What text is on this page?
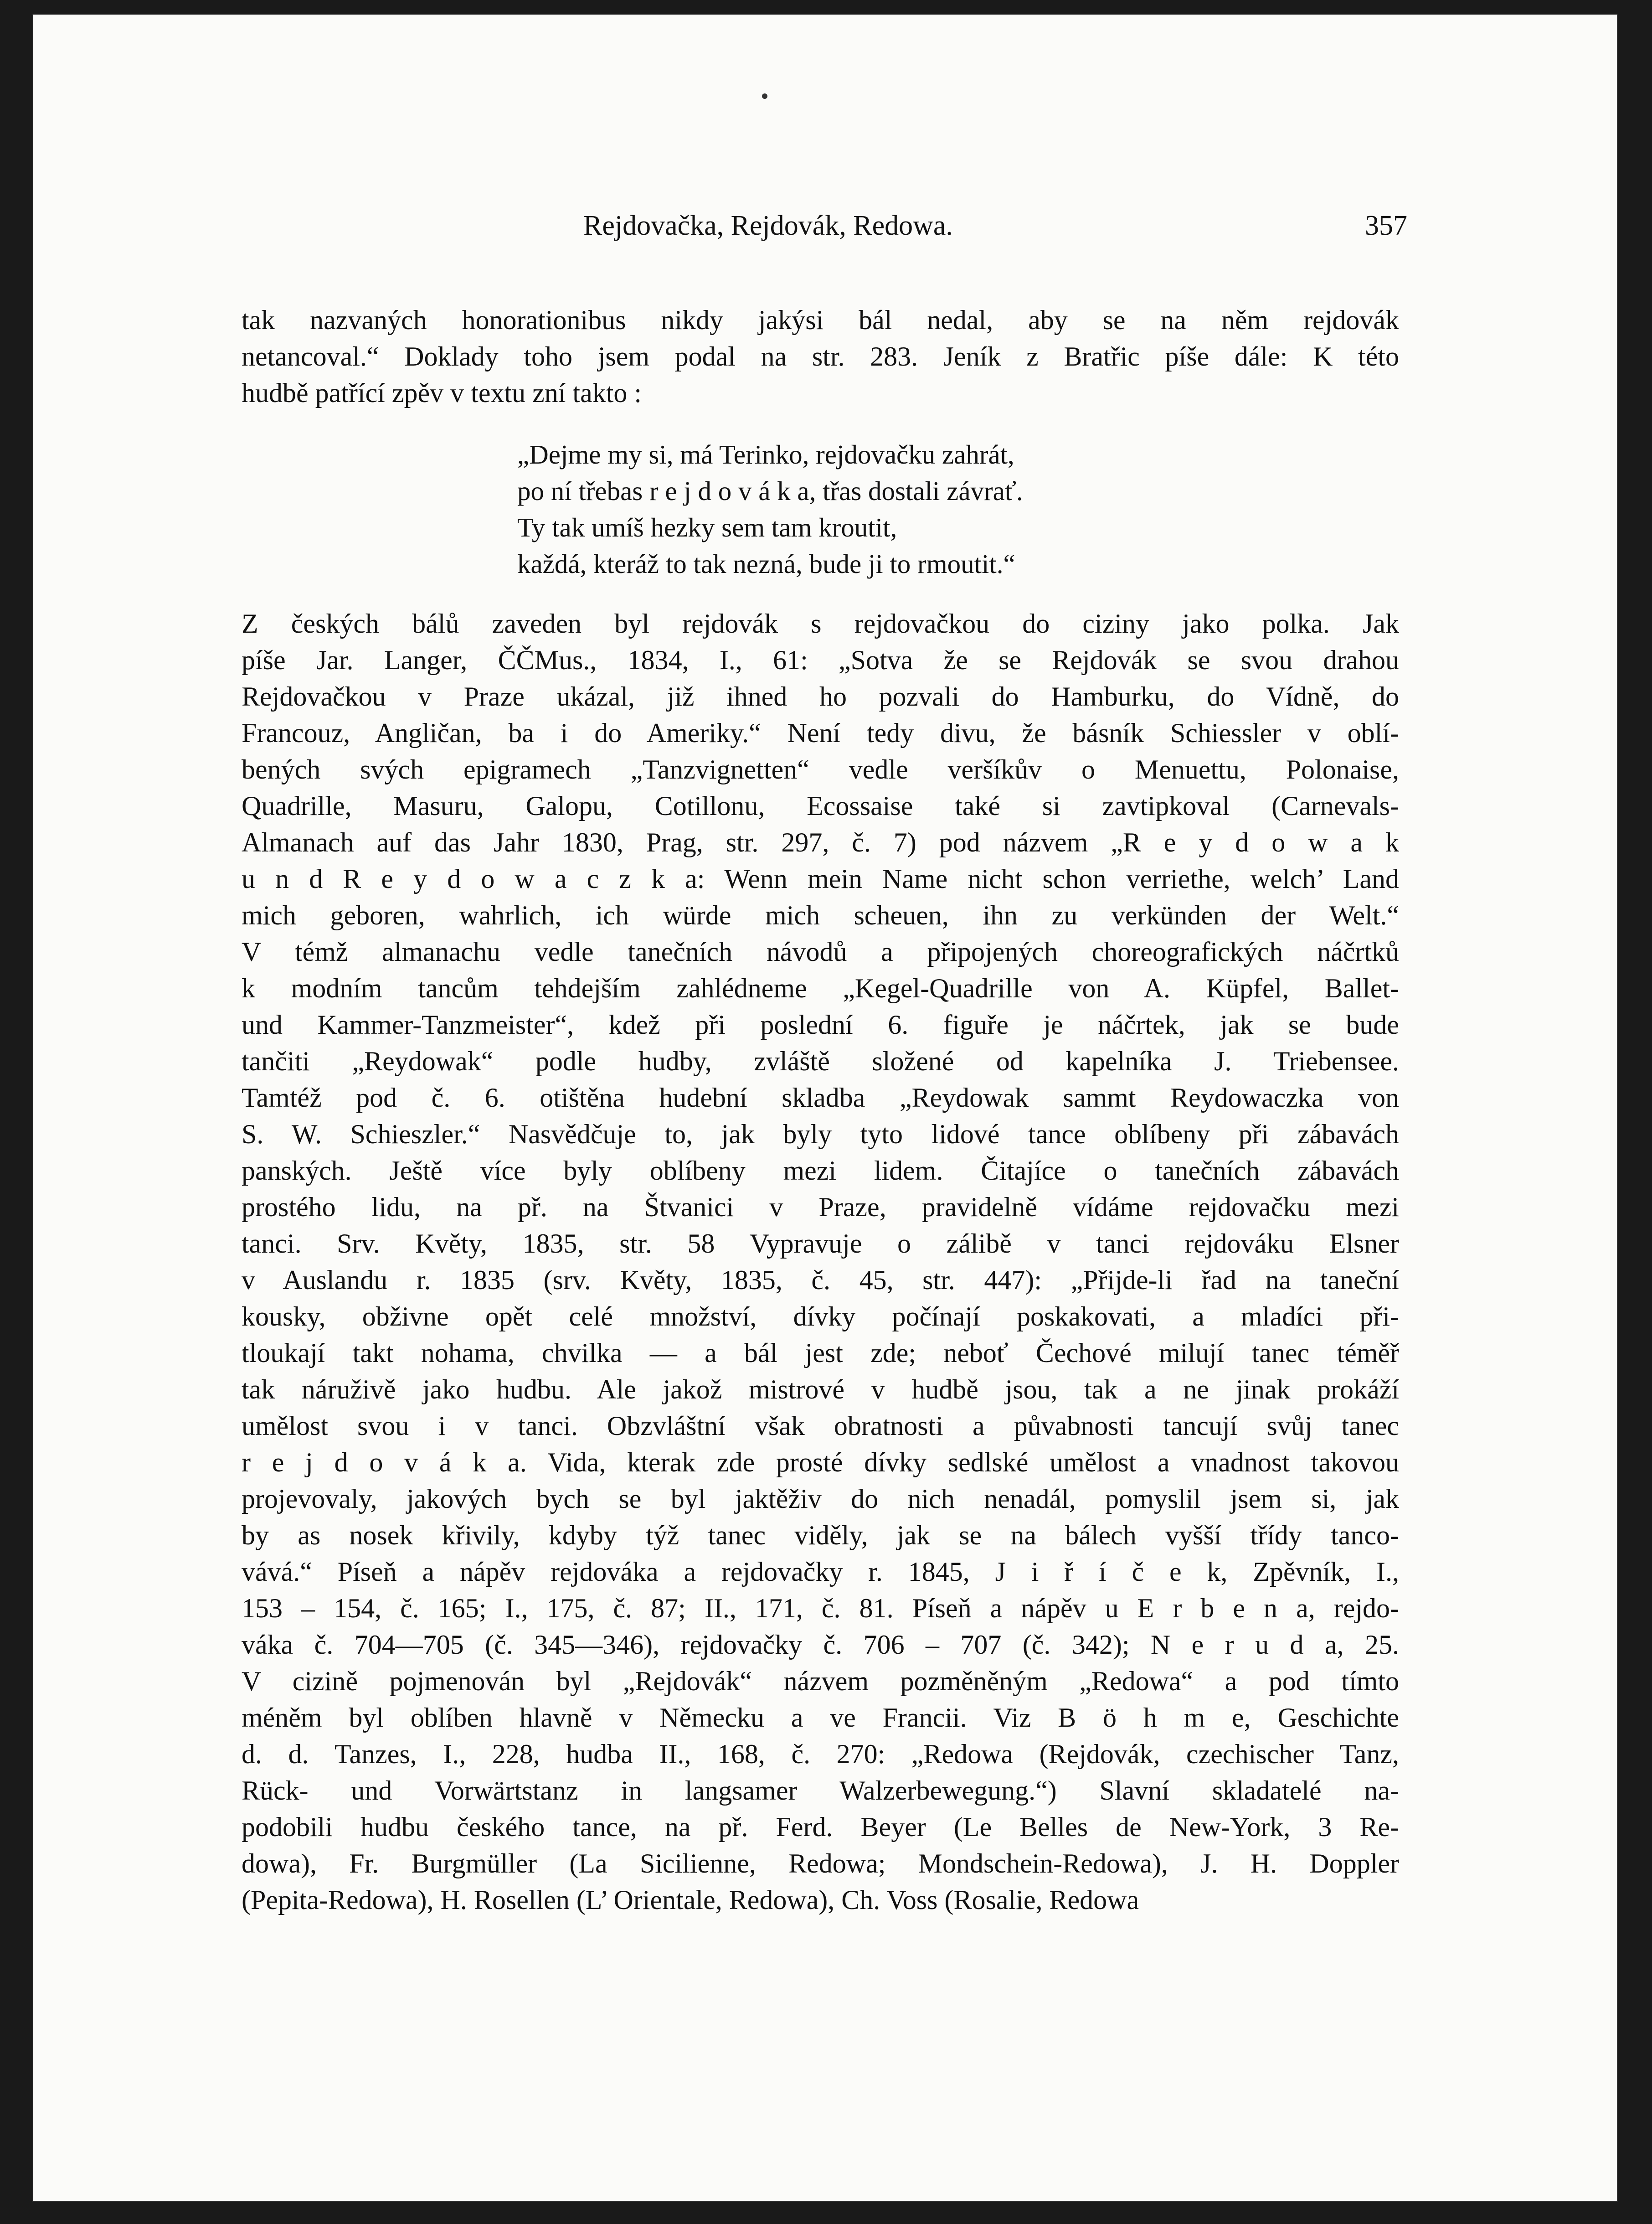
Rejdovačka, Rejdovák, Redowa.	357
tak nazvaných honorationibus nikdy jakýsi bál nedal, aby se na něm rejdovák
netancoval.“ Doklady toho jsem podal na str. 283. Jeník z Bratřic píše dále: K této
hudbě patřící zpěv v textu zní takto :
„Dejme my si, má Terinko, rejdovačku zahrát,
po ní třebas r e j d o v á k a, třas dostali závrať.
Ty tak umíš hezky sem tam kroutit,
každá, kteráž to tak nezná, bude ji to rmoutit.“
Z českých bálů zaveden byl rejdovák s rejdovačkou do ciziny jako polka. Jak
píše Jar. Langer, ČČMus., 1834, I., 61: „Sotva že se Rejdovák se svou drahou
Rejdovačkou v Praze ukázal, již ihned ho pozvali do Hamburku, do Vídně, do
Francouz, Angličan, ba i do Ameriky.“ Není tedy divu, že básník Schiessler v oblí-
bených svých epigramech „Tanzvignetten“ vedle veršíkův o Menuettu, Polonaise,
Quadrille, Masuru, Galopu, Cotillonu, Ecossaise také si zavtipkoval (Carnevals-
Almanach auf das Jahr 1830, Prag, str. 297, č. 7) pod názvem „R e y d o w a k
u n d R e y d o w a c z k a: Wenn mein Name nicht schon verriethe, welch’ Land
mich geboren, wahrlich, ich würde mich scheuen, ihn zu verkünden der Welt.“
V témž almanachu vedle tanečních návodů a připojených choreografických náčrtků
k modním tancům tehdejším zahlédneme „Kegel-Quadrille von A. Küpfel, Ballet-
und Kammer-Tanzmeister“, kdež při poslední 6. figuře je náčrtek, jak se bude
tančiti „Reydowak“ podle hudby, zvláště složené od kapelníka J. Triebensee.
Tamtéž pod č. 6. otištěna hudební skladba „Reydowak sammt Reydowaczka von
S. W. Schieszler.“ Nasvědčuje to, jak byly tyto lidové tance oblíbeny při zábavách
panských. Ještě více byly oblíbeny mezi lidem. Čitajíce o tanečních zábavách
prostého lidu, na př. na Štvanici v Praze, pravidelně vídáme rejdovačku mezi
tanci. Srv. Květy, 1835, str. 58 Vypravuje o zálibě v tanci rejdováku Elsner
v Auslandu r. 1835 (srv. Květy, 1835, č. 45, str. 447): „Přijde-li řad na taneční
kousky, obživne opět celé množství, dívky počínají poskakovati, a mladíci při-
tloukají takt nohama, chvilka — a bál jest zde; neboť Čechové milují tanec téměř
tak náruživě jako hudbu. Ale jakož mistrové v hudbě jsou, tak a ne jinak prokáží
umělost svou i v tanci. Obzvláštní však obratnosti a půvabnosti tancují svůj tanec
r e j d o v á k a. Vida, kterak zde prosté dívky sedlské umělost a vnadnost takovou
projevovaly, jakových bych se byl jaktěživ do nich nenadál, pomyslil jsem si, jak
by as nosek křivily, kdyby týž tanec viděly, jak se na bálech vyšší třídy tanco-
vává.“ Píseň a nápěv rejdováka a rejdovačky r. 1845, J i ř í č e k, Zpěvník, I.,
153 – 154, č. 165; I., 175, č. 87; II., 171, č. 81. Píseň a nápěv u E r b e n a, rejdo-
váka č. 704—705 (č. 345—346), rejdovačky č. 706 – 707 (č. 342); N e r u d a, 25.
V cizině pojmenován byl „Rejdovák“ názvem pozměněným „Redowa“ a pod tímto
méněm byl oblíben hlavně v Německu a ve Francii. Viz B ö h m e, Geschichte
d. d. Tanzes, I., 228, hudba II., 168, č. 270: „Redowa (Rejdovák, czechischer Tanz,
Rück- und Vorwärtstanz in langsamer Walzerbewegung.“) Slavní skladatelé na-
podobili hudbu českého tance, na př. Ferd. Beyer (Le Belles de New-York, 3 Re-
dowa), Fr. Burgmüller (La Sicilienne, Redowa; Mondschein-Redowa), J. H. Doppler
(Pepita-Redowa), H. Rosellen (L’ Orientale, Redowa), Ch. Voss (Rosalie, Redowa
